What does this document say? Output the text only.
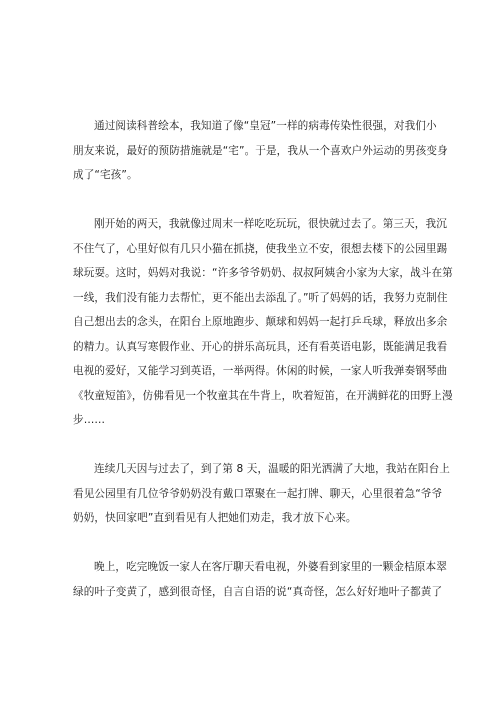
通过阅读科普绘本，我知道了像“皇冠”一样的病毒传染性很强，对我们小
朋友来说，最好的预防措施就是“宅”。于是，我从一个喜欢户外运动的男孩变身
成了“宅孩”。
刚开始的两天，我就像过周末一样吃吃玩玩，很快就过去了。第三天，我沉
不住气了，心里好似有几只小猫在抓挠，使我坐立不安，很想去楼下的公园里踢
球玩耍。这时，妈妈对我说：“许多爷爷奶奶、叔叔阿姨舍小家为大家，战斗在第
一线，我们没有能力去帮忙，更不能出去添乱了。”听了妈妈的话，我努力克制住
自己想出去的念头，在阳台上原地跑步、颠球和妈妈一起打乒乓球，释放出多余
的精力。认真写寒假作业、开心的拼乐高玩具，还有看英语电影，既能满足我看
电视的爱好，又能学习到英语，一举两得。休闲的时候，一家人听我弹奏钢琴曲
《牧童短笛》，仿佛看见一个牧童其在牛背上，吹着短笛，在开满鲜花的田野上漫
步……
连续几天因与过去了，到了第 8 天，温暖的阳光洒满了大地，我站在阳台上
看见公园里有几位爷爷奶奶没有戴口罩聚在一起打牌、聊天，心里很着急“爷爷
奶奶，快回家吧”直到看见有人把她们劝走，我才放下心来。
晚上，吃完晚饭一家人在客厅聊天看电视，外婆看到家里的一颗金桔原本翠
绿的叶子变黄了，感到很奇怪，自言自语的说“真奇怪，怎么好好地叶子都黄了
